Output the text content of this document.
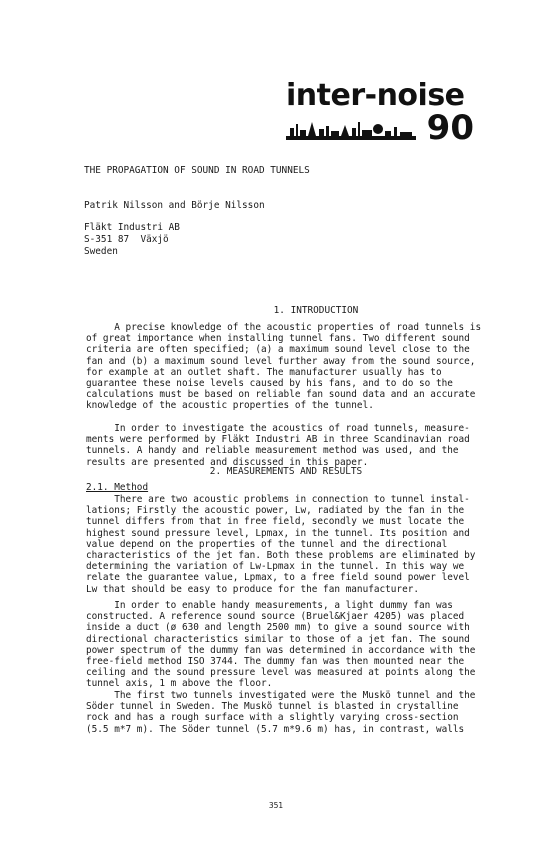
inter-noise
90
THE PROPAGATION OF SOUND IN ROAD TUNNELS
Patrik Nilsson and Börje Nilsson
Fläkt Industri AB
S-351 87  Växjö
Sweden
1. INTRODUCTION
A precise knowledge of the acoustic properties of road tunnels is
of great importance when installing tunnel fans. Two different sound
criteria are often specified; (a) a maximum sound level close to the
fan and (b) a maximum sound level further away from the sound source,
for example at an outlet shaft. The manufacturer usually has to
guarantee these noise levels caused by his fans, and to do so the
calculations must be based on reliable fan sound data and an accurate
knowledge of the acoustic properties of the tunnel.
In order to investigate the acoustics of road tunnels, measure-
ments were performed by Fläkt Industri AB in three Scandinavian road
tunnels. A handy and reliable measurement method was used, and the
results are presented and discussed in this paper.
2. MEASUREMENTS AND RESULTS
2.1. Method
There are two acoustic problems in connection to tunnel instal-
lations; Firstly the acoustic power, Lw, radiated by the fan in the
tunnel differs from that in free field, secondly we must locate the
highest sound pressure level, Lpmax, in the tunnel. Its position and
value depend on the properties of the tunnel and the directional
characteristics of the jet fan. Both these problems are eliminated by
determining the variation of Lw-Lpmax in the tunnel. In this way we
relate the guarantee value, Lpmax, to a free field sound power level
Lw that should be easy to produce for the fan manufacturer.
In order to enable handy measurements, a light dummy fan was
constructed. A reference sound source (Bruel&Kjaer 4205) was placed
inside a duct (ø 630 and length 2500 mm) to give a sound source with
directional characteristics similar to those of a jet fan. The sound
power spectrum of the dummy fan was determined in accordance with the
free-field method ISO 3744. The dummy fan was then mounted near the
ceiling and the sound pressure level was measured at points along the
tunnel axis, 1 m above the floor.
The first two tunnels investigated were the Muskö tunnel and the
Söder tunnel in Sweden. The Muskö tunnel is blasted in crystalline
rock and has a rough surface with a slightly varying cross-section
(5.5 m*7 m). The Söder tunnel (5.7 m*9.6 m) has, in contrast, walls
351
